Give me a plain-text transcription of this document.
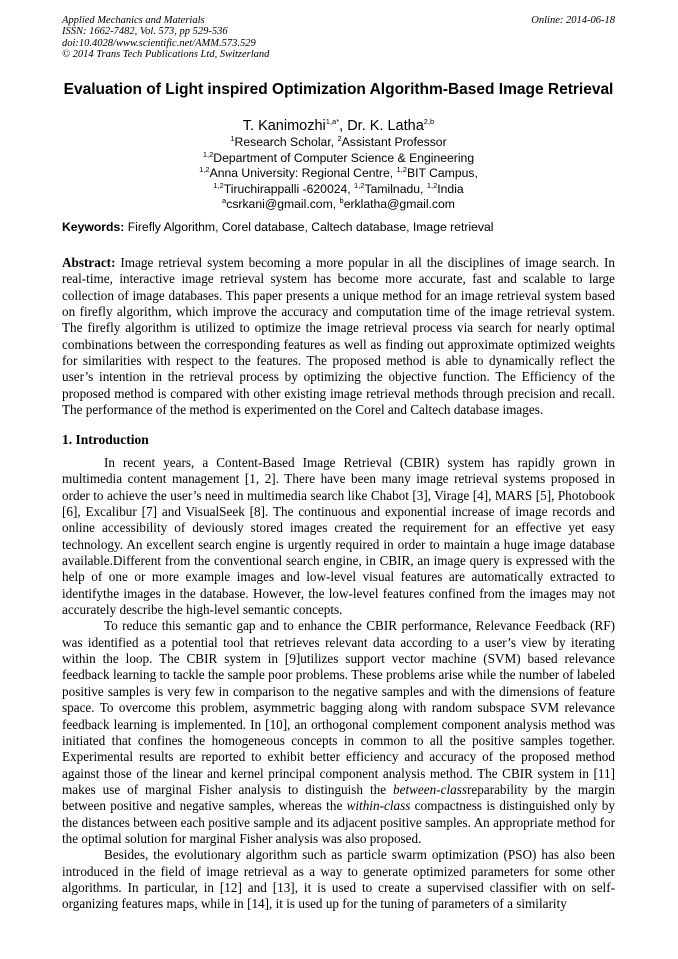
Applied Mechanics and Materials
ISSN: 1662-7482, Vol. 573, pp 529-536
doi:10.4028/www.scientific.net/AMM.573.529
© 2014 Trans Tech Publications Ltd, Switzerland
Online: 2014-06-18
Evaluation of Light inspired Optimization Algorithm-Based Image Retrieval
T. Kanimozhi$^{1,a*}$, Dr. K. Latha$^{2,b}$
$^1$Research Scholar, $^2$Assistant Professor
$^{1,2}$Department of Computer Science & Engineering
$^{1,2}$Anna University: Regional Centre, $^{1,2}$BIT Campus,
$^{1,2}$Tiruchirappalli -620024, $^{1,2}$Tamilnadu, $^{1,2}$India
$^a$csrkani@gmail.com, $^b$erklatha@gmail.com
Keywords: Firefly Algorithm, Corel database, Caltech database, Image retrieval
Abstract: Image retrieval system becoming a more popular in all the disciplines of image search. In real-time, interactive image retrieval system has become more accurate, fast and scalable to large collection of image databases. This paper presents a unique method for an image retrieval system based on firefly algorithm, which improve the accuracy and computation time of the image retrieval system. The firefly algorithm is utilized to optimize the image retrieval process via search for nearly optimal combinations between the corresponding features as well as finding out approximate optimized weights for similarities with respect to the features. The proposed method is able to dynamically reflect the user’s intention in the retrieval process by optimizing the objective function. The Efficiency of the proposed method is compared with other existing image retrieval methods through precision and recall. The performance of the method is experimented on the Corel and Caltech database images.
1. Introduction

In recent years, a Content-Based Image Retrieval (CBIR) system has rapidly grown in multimedia content management [1, 2]. There have been many image retrieval systems proposed in order to achieve the user’s need in multimedia search like Chabot [3], Virage [4], MARS [5], Photobook [6], Excalibur [7] and VisualSeek [8]. The continuous and exponential increase of image records and online accessibility of deviously stored images created the requirement for an effective yet easy technology. An excellent search engine is urgently required in order to maintain a huge image database available.Different from the conventional search engine, in CBIR, an image query is expressed with the help of one or more example images and low-level visual features are automatically extracted to identifythe images in the database. However, the low-level features confined from the images may not accurately describe the high-level semantic concepts.

To reduce this semantic gap and to enhance the CBIR performance, Relevance Feedback (RF) was identified as a potential tool that retrieves relevant data according to a user’s view by iterating within the loop. The CBIR system in [9]utilizes support vector machine (SVM) based relevance feedback learning to tackle the sample poor problems. These problems arise while the number of labeled positive samples is very few in comparison to the negative samples and with the dimensions of feature space. To overcome this problem, asymmetric bagging along with random subspace SVM relevance feedback learning is implemented. In [10], an orthogonal complement component analysis method was initiated that confines the homogeneous concepts in common to all the positive samples together. Experimental results are reported to exhibit better efficiency and accuracy of the proposed method against those of the linear and kernel principal component analysis method. The CBIR system in [11] makes use of marginal Fisher analysis to distinguish the between-classreparability by the margin between positive and negative samples, whereas the within-class compactness is distinguished only by the distances between each positive sample and its adjacent positive samples. An appropriate method for the optimal solution for marginal Fisher analysis was also proposed.

Besides, the evolutionary algorithm such as particle swarm optimization (PSO) has also been introduced in the field of image retrieval as a way to generate optimized parameters for some other algorithms. In particular, in [12] and [13], it is used to create a supervised classifier with on self-organizing features maps, while in [14], it is used up for the tuning of parameters of a similarity
